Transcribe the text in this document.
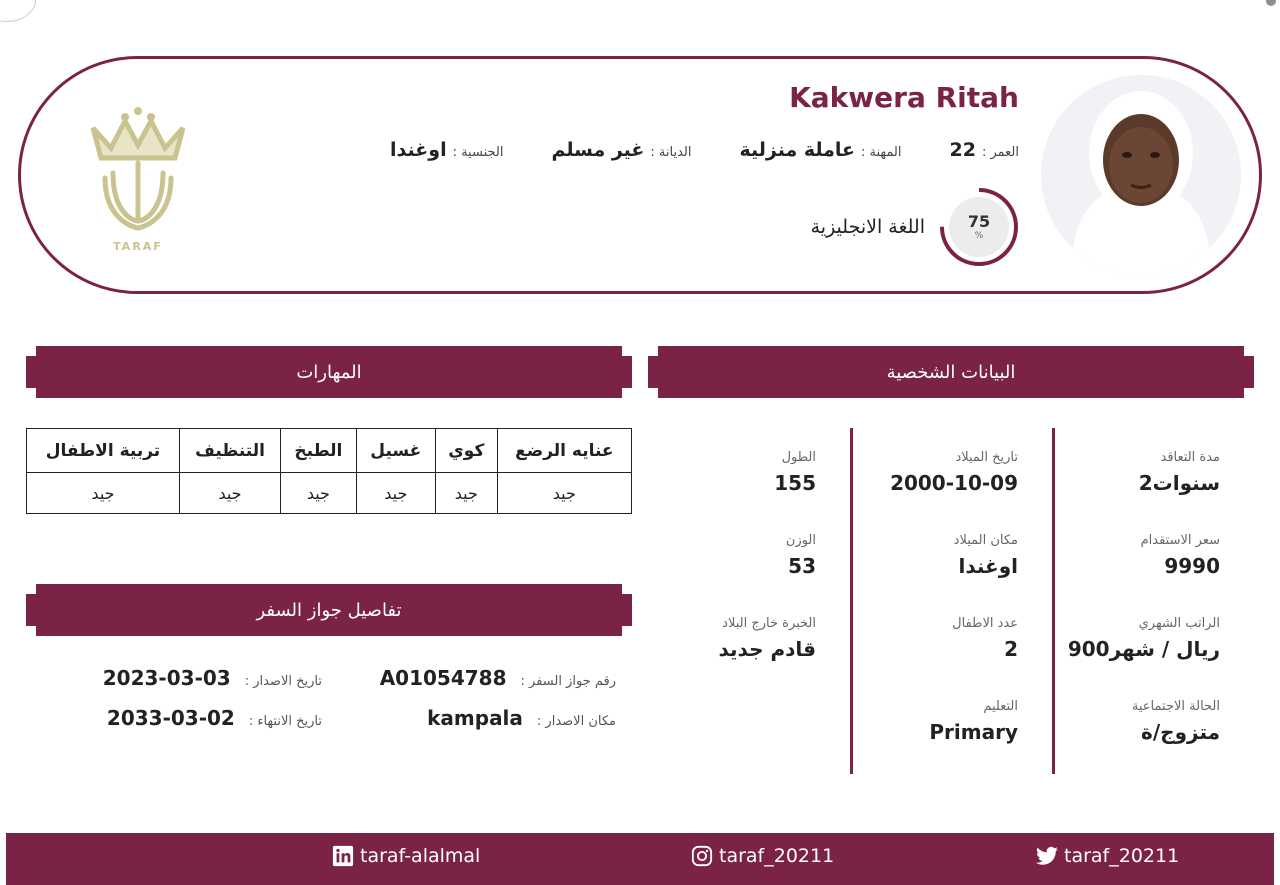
Kakwera Ritah
الجنسية :
اوغندا	الديانة :
غير مسلم	المهنة :
عاملة منزلية	العمر :
22
اللغة الانجليزية	75
%
TARAF
البيانات الشخصية
المهارات
تفاصيل جواز السفر
مدة التعاقد
2سنوات
سعر الاستقدام
9990
الراتب الشهري
900ريال / شهر
الحالة الاجتماعية
متزوج/ة
تاريخ الميلاد
2000-10-09
مكان الميلاد
اوغندا
عدد الاطفال
2
التعليم
Primary
الطول
155
الوزن
53
الخبرة خارج البلاد
قادم جديد
عنايه الرضع	كوي	غسيل	الطبخ	التنظيف	تربية الاطفال
جيد	جيد	جيد	جيد	جيد	جيد
رقم جواز السفر :
A01054788
تاريخ الاصدار :
2023-03-03
مكان الاصدار :
kampala
تاريخ الانتهاء :
2033-03-02
taraf_20211
taraf_20211
taraf-alalmal
